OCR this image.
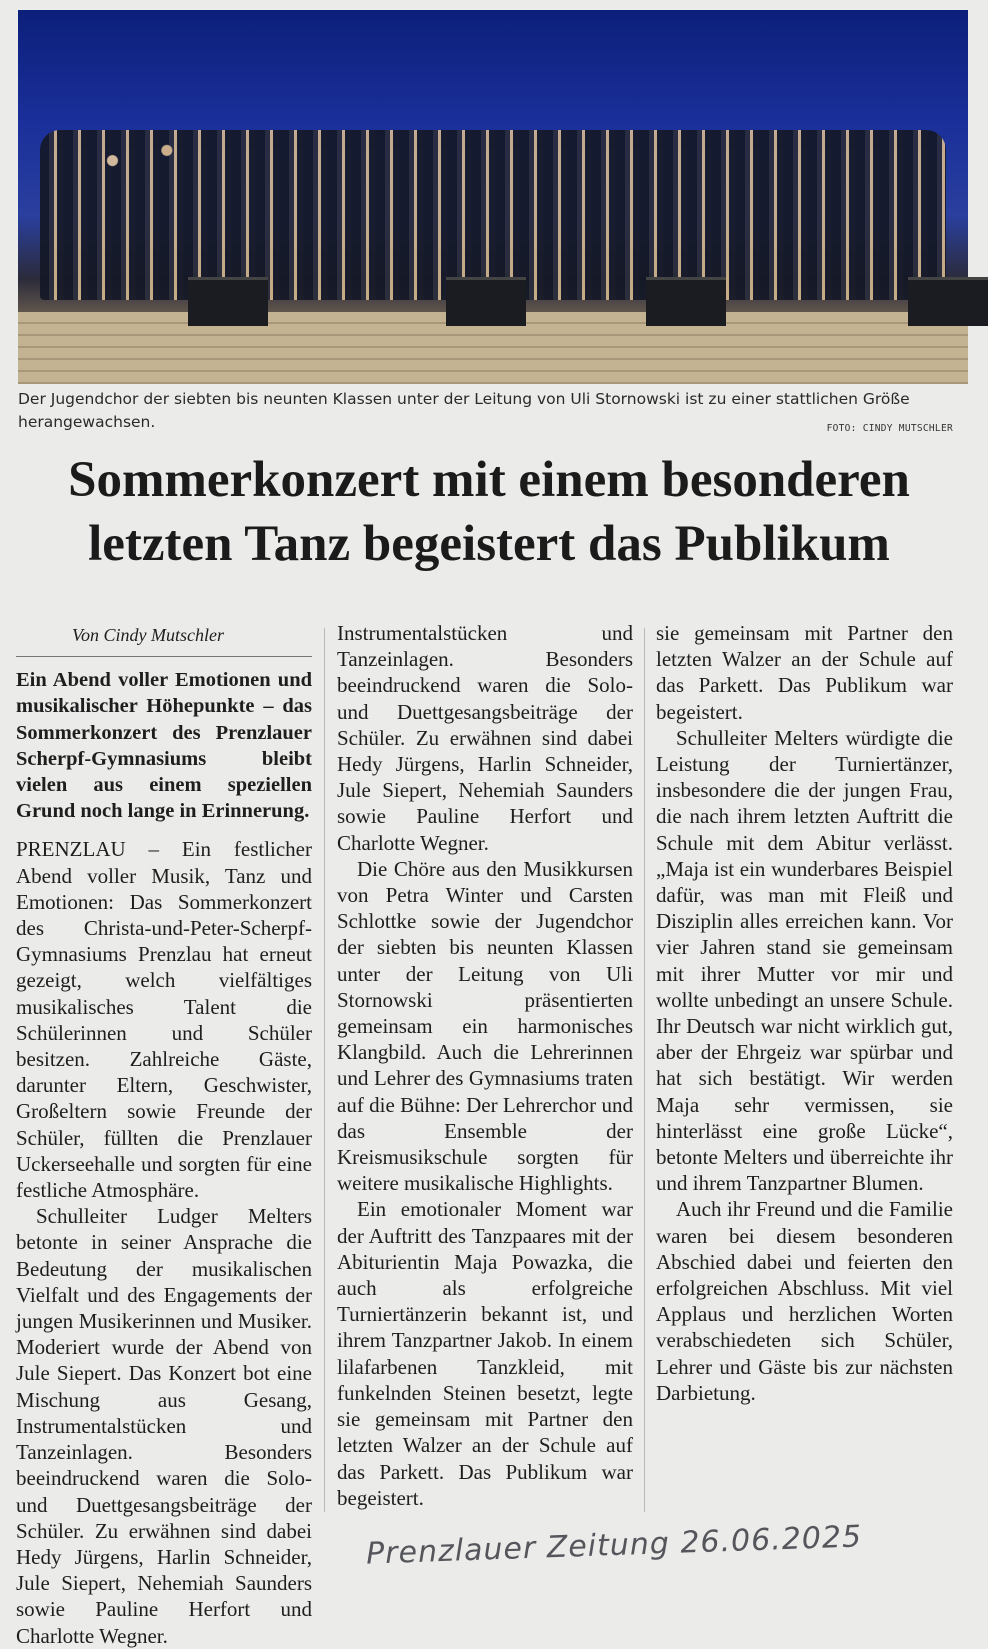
Der Jugendchor der siebten bis neunten Klassen unter der Leitung von Uli Stornowski ist zu einer stattlichen Größe herangewachsen.	FOTO: CINDY MUTSCHLER
Sommerkonzert mit einem besonderen
letzten Tanz begeistert das Publikum

Von Cindy Mutschler

Ein Abend voller Emotionen und musikalischer Höhepunkte – das Sommerkonzert des Prenzlauer Scherpf-Gymnasiums bleibt vielen aus einem speziellen Grund noch lange in Erinnerung.

PRENZLAU – Ein festlicher Abend voller Musik, Tanz und Emotionen: Das Sommerkonzert des Christa-und-Peter-Scherpf-Gymnasiums Prenzlau hat erneut gezeigt, welch vielfältiges musikalisches Talent die Schülerinnen und Schüler besitzen. Zahlreiche Gäste, darunter Eltern, Geschwister, Großeltern sowie Freunde der Schüler, füllten die Prenzlauer Uckerseehalle und sorgten für eine festliche Atmosphäre.

Schulleiter Ludger Melters betonte in seiner Ansprache die Bedeutung der musikalischen Vielfalt und des Engagements der jungen Musikerinnen und Musiker. Moderiert wurde der Abend von Jule Siepert. Das Konzert bot eine Mischung aus Gesang, Instrumentalstücken und Tanzeinlagen. Besonders beeindruckend waren die Solo- und Duettgesangsbeiträge der Schüler. Zu erwähnen sind dabei Hedy Jürgens, Harlin Schneider, Jule Siepert, Nehemiah Saunders sowie Pauline Herfort und Charlotte Wegner.

Instrumentalstücken und Tanzeinlagen. Besonders beeindruckend waren die Solo- und Duettgesangsbeiträge der Schüler. Zu erwähnen sind dabei Hedy Jürgens, Harlin Schneider, Jule Siepert, Nehemiah Saunders sowie Pauline Herfort und Charlotte Wegner.

Die Chöre aus den Musikkursen von Petra Winter und Carsten Schlottke sowie der Jugendchor der siebten bis neunten Klassen unter der Leitung von Uli Stornowski präsentierten gemeinsam ein harmonisches Klangbild. Auch die Lehrerinnen und Lehrer des Gymnasiums traten auf die Bühne: Der Lehrerchor und das Ensemble der Kreismusikschule sorgten für weitere musikalische Highlights.

Ein emotionaler Moment war der Auftritt des Tanzpaares mit der Abiturientin Maja Powazka, die auch als erfolgreiche Turniertänzerin bekannt ist, und ihrem Tanzpartner Jakob. In einem lilafarbenen Tanzkleid, mit funkelnden Steinen besetzt, legte sie gemeinsam mit Partner den letzten Walzer an der Schule auf das Parkett. Das Publikum war begeistert.

sie gemeinsam mit Partner den letzten Walzer an der Schule auf das Parkett. Das Publikum war begeistert.

Schulleiter Melters würdigte die Leistung der Turniertänzer, insbesondere die der jungen Frau, die nach ihrem letzten Auftritt die Schule mit dem Abitur verlässt. „Maja ist ein wunderbares Beispiel dafür, was man mit Fleiß und Disziplin alles erreichen kann. Vor vier Jahren stand sie gemeinsam mit ihrer Mutter vor mir und wollte unbedingt an unsere Schule. Ihr Deutsch war nicht wirklich gut, aber der Ehrgeiz war spürbar und hat sich bestätigt. Wir werden Maja sehr vermissen, sie hinterlässt eine große Lücke“, betonte Melters und überreichte ihr und ihrem Tanzpartner Blumen.

Auch ihr Freund und die Familie waren bei diesem besonderen Abschied dabei und feierten den erfolgreichen Abschluss. Mit viel Applaus und herzlichen Worten verabschiedeten sich Schüler, Lehrer und Gäste bis zur nächsten Darbietung.

Prenzlauer Zeitung 26.06.2025
